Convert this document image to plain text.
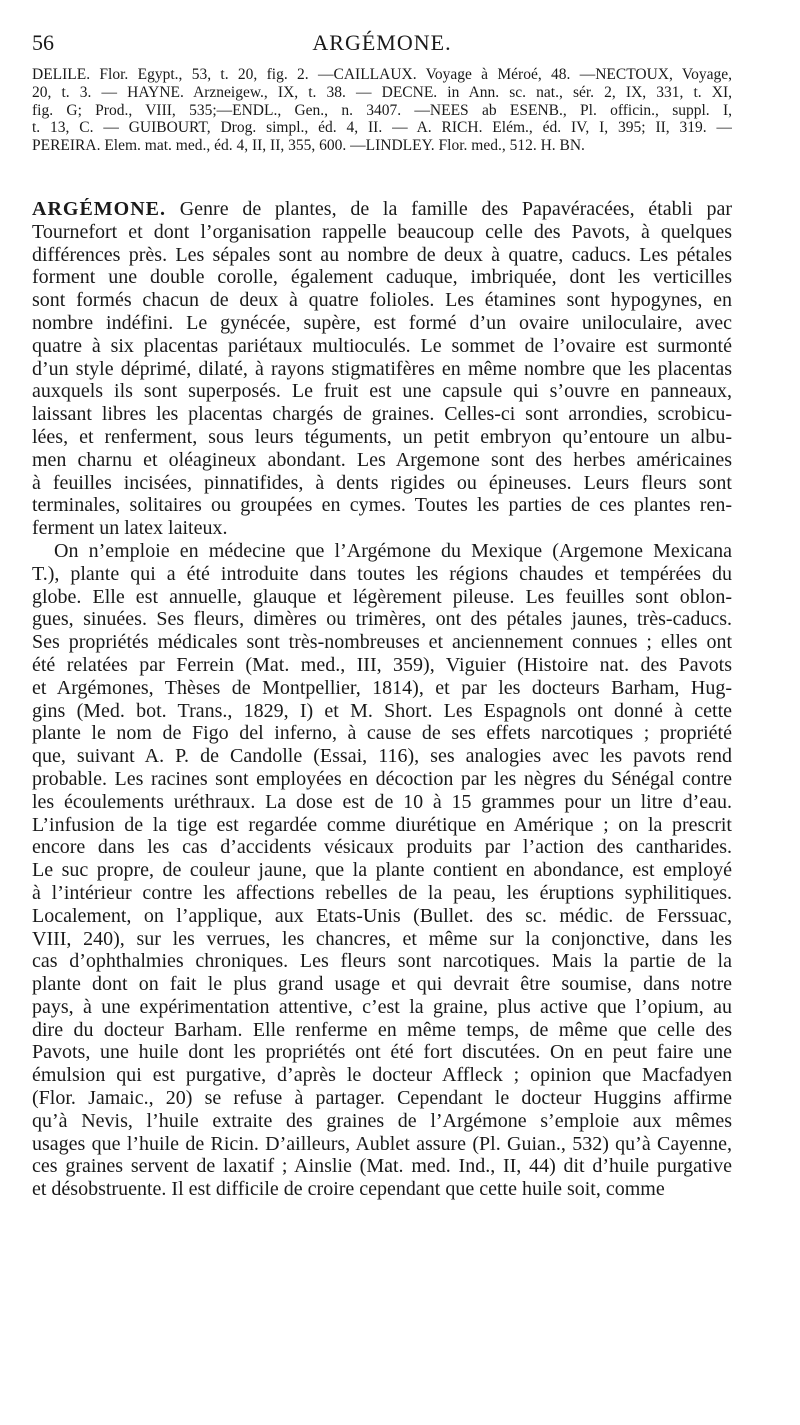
56	ARGÉMONE.
DELILE. Flor. Egypt., 53, t. 20, fig. 2. —CAILLAUX. Voyage à Méroé, 48. —NECTOUX, Voyage,
20, t. 3. — HAYNE. Arzneigew., IX, t. 38. — DECNE. in Ann. sc. nat., sér. 2, IX, 331, t. XI,
fig. G; Prod., VIII, 535;—ENDL., Gen., n. 3407. —NEES ab ESENB., Pl. officin., suppl. I,
t. 13, C. — GUIBOURT, Drog. simpl., éd. 4, II. — A. RICH. Elém., éd. IV, I, 395; II, 319. —
PEREIRA. Elem. mat. med., éd. 4, II, II, 355, 600. —LINDLEY. Flor. med., 512. H. BN.
ARGÉMONE. Genre de plantes, de la famille des Papavéracées, établi par
Tournefort et dont l’organisation rappelle beaucoup celle des Pavots, à quelques
différences près. Les sépales sont au nombre de deux à quatre, caducs. Les pétales
forment une double corolle, également caduque, imbriquée, dont les verticilles
sont formés chacun de deux à quatre folioles. Les étamines sont hypogynes, en
nombre indéfini. Le gynécée, supère, est formé d’un ovaire uniloculaire, avec
quatre à six placentas pariétaux multioculés. Le sommet de l’ovaire est surmonté
d’un style déprimé, dilaté, à rayons stigmatifères en même nombre que les placentas
auxquels ils sont superposés. Le fruit est une capsule qui s’ouvre en panneaux,
laissant libres les placentas chargés de graines. Celles-ci sont arrondies, scrobicu-
lées, et renferment, sous leurs téguments, un petit embryon qu’entoure un albu-
men charnu et oléagineux abondant. Les Argemone sont des herbes américaines
à feuilles incisées, pinnatifides, à dents rigides ou épineuses. Leurs fleurs sont
terminales, solitaires ou groupées en cymes. Toutes les parties de ces plantes ren-
ferment un latex laiteux.
On n’emploie en médecine que l’Argémone du Mexique (Argemone Mexicana
T.), plante qui a été introduite dans toutes les régions chaudes et tempérées du
globe. Elle est annuelle, glauque et légèrement pileuse. Les feuilles sont oblon-
gues, sinuées. Ses fleurs, dimères ou trimères, ont des pétales jaunes, très-caducs.
Ses propriétés médicales sont très-nombreuses et anciennement connues ; elles ont
été relatées par Ferrein (Mat. med., III, 359), Viguier (Histoire nat. des Pavots
et Argémones, Thèses de Montpellier, 1814), et par les docteurs Barham, Hug-
gins (Med. bot. Trans., 1829, I) et M. Short. Les Espagnols ont donné à cette
plante le nom de Figo del inferno, à cause de ses effets narcotiques ; propriété
que, suivant A. P. de Candolle (Essai, 116), ses analogies avec les pavots rend
probable. Les racines sont employées en décoction par les nègres du Sénégal contre
les écoulements uréthraux. La dose est de 10 à 15 grammes pour un litre d’eau.
L’infusion de la tige est regardée comme diurétique en Amérique ; on la prescrit
encore dans les cas d’accidents vésicaux produits par l’action des cantharides.
Le suc propre, de couleur jaune, que la plante contient en abondance, est employé
à l’intérieur contre les affections rebelles de la peau, les éruptions syphilitiques.
Localement, on l’applique, aux Etats-Unis (Bullet. des sc. médic. de Ferssuac,
VIII, 240), sur les verrues, les chancres, et même sur la conjonctive, dans les
cas d’ophthalmies chroniques. Les fleurs sont narcotiques. Mais la partie de la
plante dont on fait le plus grand usage et qui devrait être soumise, dans notre
pays, à une expérimentation attentive, c’est la graine, plus active que l’opium, au
dire du docteur Barham. Elle renferme en même temps, de même que celle des
Pavots, une huile dont les propriétés ont été fort discutées. On en peut faire une
émulsion qui est purgative, d’après le docteur Affleck ; opinion que Macfadyen
(Flor. Jamaic., 20) se refuse à partager. Cependant le docteur Huggins affirme
qu’à Nevis, l’huile extraite des graines de l’Argémone s’emploie aux mêmes
usages que l’huile de Ricin. D’ailleurs, Aublet assure (Pl. Guian., 532) qu’à Cayenne,
ces graines servent de laxatif ; Ainslie (Mat. med. Ind., II, 44) dit d’huile purgative
et désobstruente. Il est difficile de croire cependant que cette huile soit, comme
